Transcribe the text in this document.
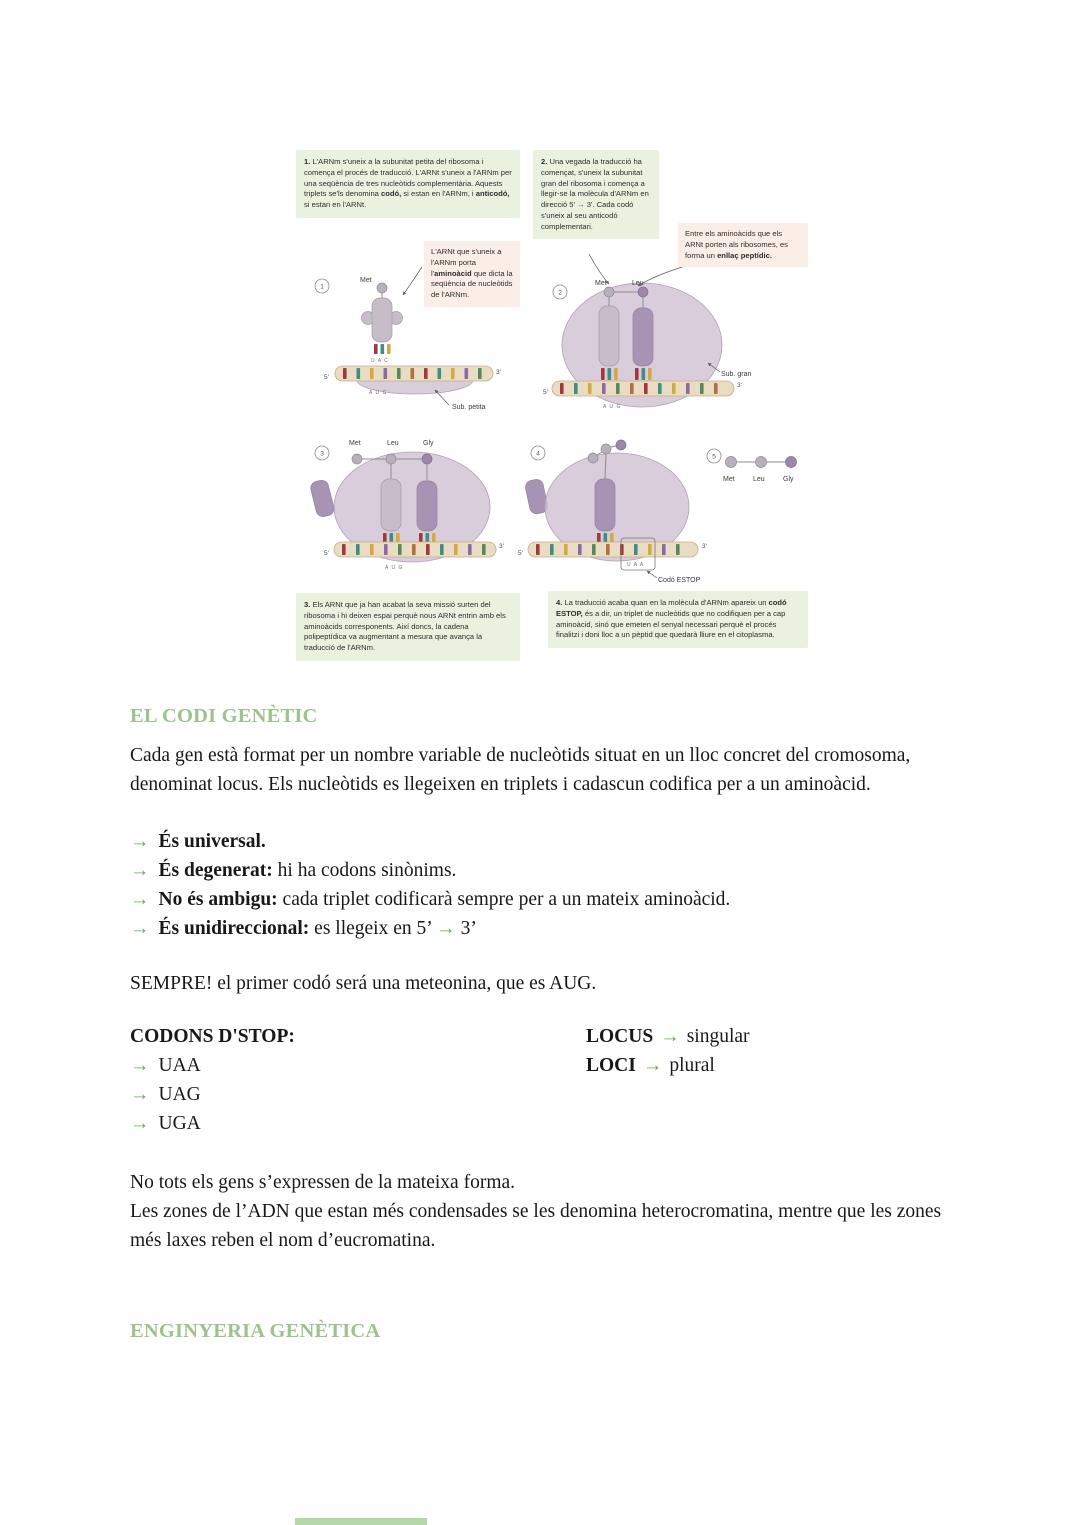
1
Met
U A C
A U G
5'
3'
Sub. petita
2
Met	Leu
A U G
5'
3'
Sub. gran
3
Met	Leu	Gly
A U G
5'
3'
4
U A A
5'
3'
Codó ESTOP
5
Met	Leu	Gly
1. L'ARNm s'uneix a la subunitat petita del ribosoma i comença el procés de traducció. L'ARNt s'uneix a l'ARNm per una seqüència de tres nucleòtids complementària. Aquests triplets se'ls denomina codó, si estan en l'ARNm, i anticodó, si estan en l'ARNt.
2. Una vegada la traducció ha començat, s'uneix la subunitat gran del ribosoma i comença a llegir-se la molècula d'ARNm en direcció 5' → 3'. Cada codó s'uneix al seu anticodó complementari.
L'ARNt que s'uneix a l'ARNm porta l'aminoàcid que dicta la seqüència de nucleòtids de l'ARNm.
Entre els aminoàcids que els ARNt porten als ribosomes, es forma un enllaç peptídic.
3. Els ARNt que ja han acabat la seva missió surten del ribosoma i hi deixen espai perquè nous ARNt entrin amb els aminoàcids corresponents. Així doncs, la cadena polipeptídica va augmentant a mesura que avança la traducció de l'ARNm.
4. La traducció acaba quan en la molècula d'ARNm apareix un codó ESTOP, és a dir, un triplet de nucleòtids que no codifiquen per a cap aminoàcid, sinó que emeten el senyal necessari perquè el procés finalitzi i doni lloc a un pèptid que quedarà lliure en el citoplasma.
EL CODI GENÈTIC

Cada gen està format per un nombre variable de nucleòtids situat en un lloc concret del cromosoma, denominat locus. Els nucleòtids es llegeixen en triplets i cadascun codifica per a un aminoàcid.

→ És universal.
→ És degenerat: hi ha codons sinònims.
→ No és ambigu: cada triplet codificarà sempre per a un mateix aminoàcid.
→ És unidireccional: es llegeix en 5’ → 3’

SEMPRE! el primer codó será una meteonina, que es AUG.

CODONS D'STOP:
→ UAA
→ UAG
→ UGA
LOCUS → singular
LOCI → plural

No tots els gens s’expressen de la mateixa forma.

Les zones de l’ADN que estan més condensades se les denomina heterocromatina, mentre que les zones més laxes reben el nom d’eucromatina.

ENGINYERIA GENÈTICA
